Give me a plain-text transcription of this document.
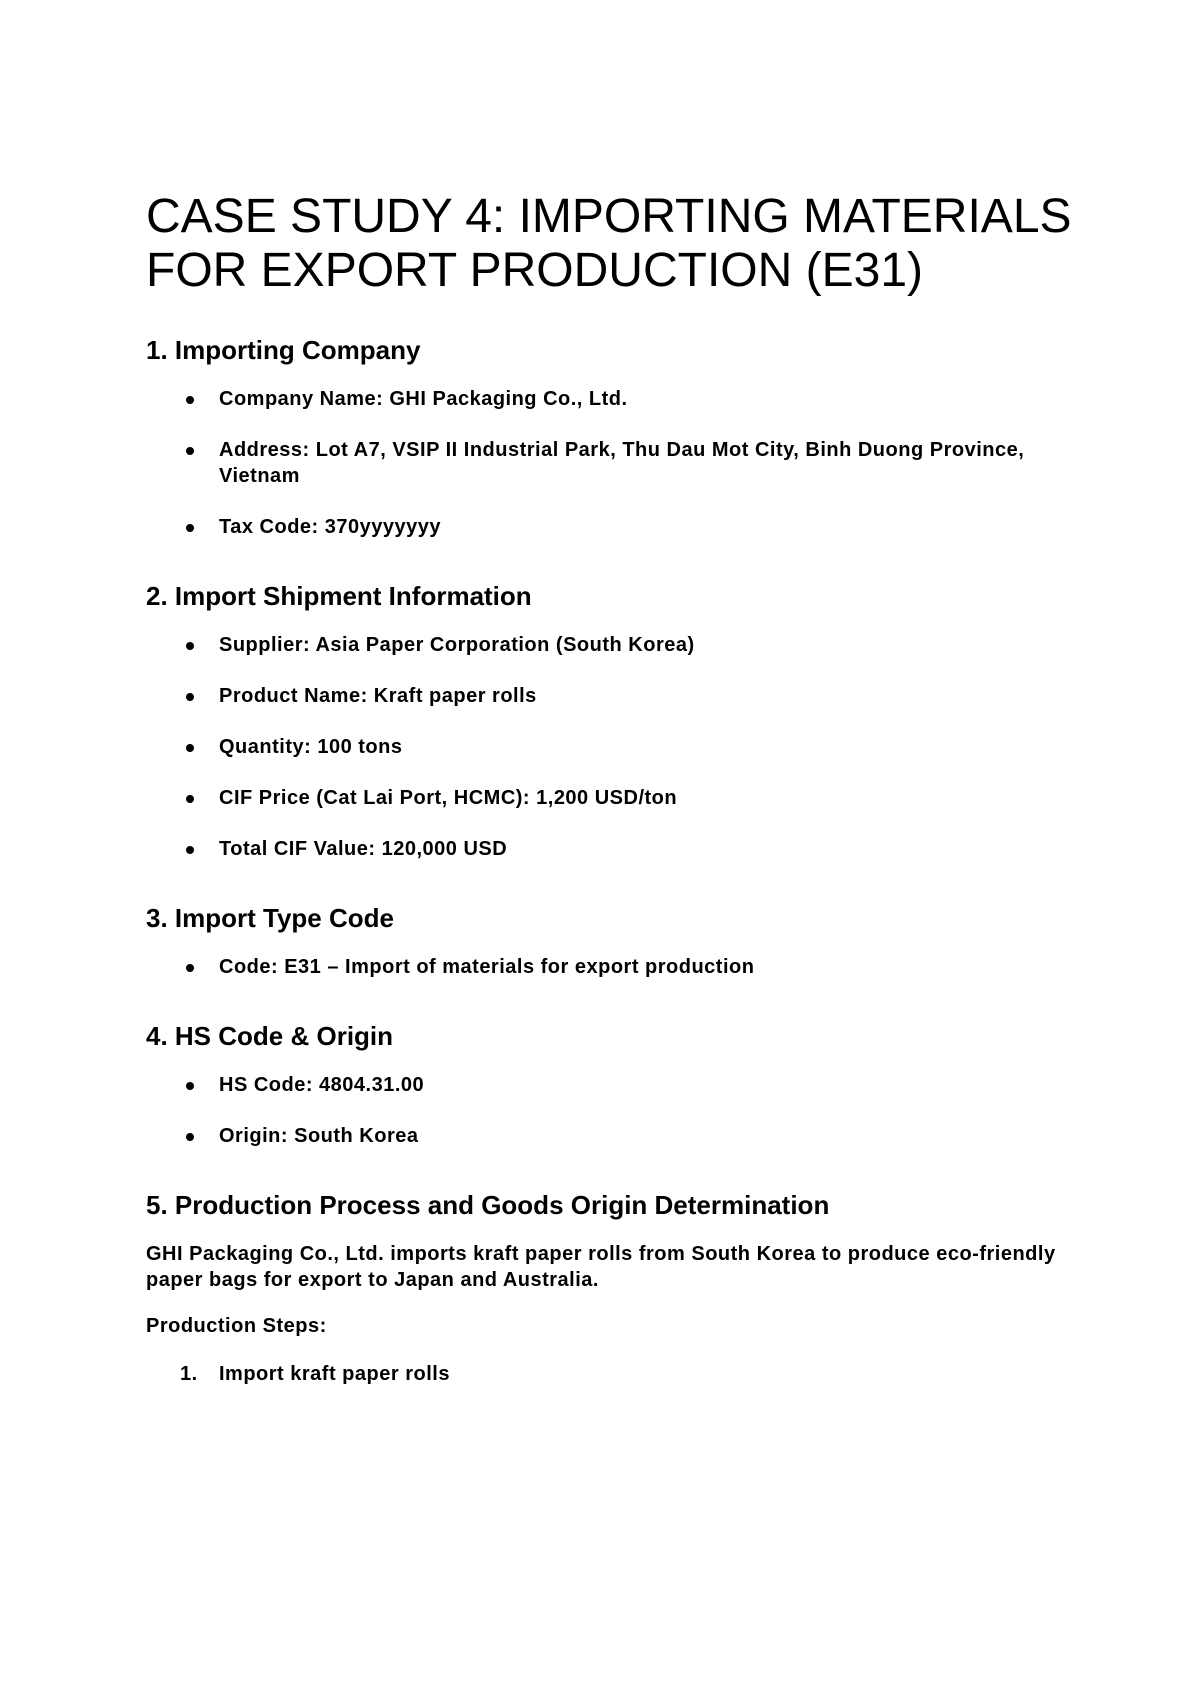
CASE STUDY 4: IMPORTING MATERIALS FOR EXPORT PRODUCTION (E31)
1. Importing Company
Company Name: GHI Packaging Co., Ltd.
Address: Lot A7, VSIP II Industrial Park, Thu Dau Mot City, Binh Duong Province, Vietnam
Tax Code: 370yyyyyyy
2. Import Shipment Information
Supplier: Asia Paper Corporation (South Korea)
Product Name: Kraft paper rolls
Quantity: 100 tons
CIF Price (Cat Lai Port, HCMC): 1,200 USD/ton
Total CIF Value: 120,000 USD
3. Import Type Code
Code: E31 – Import of materials for export production
4. HS Code & Origin
HS Code: 4804.31.00
Origin: South Korea
5. Production Process and Goods Origin Determination

GHI Packaging Co., Ltd. imports kraft paper rolls from South Korea to produce eco-friendly paper bags for export to Japan and Australia.

Production Steps:

1. Import kraft paper rolls
